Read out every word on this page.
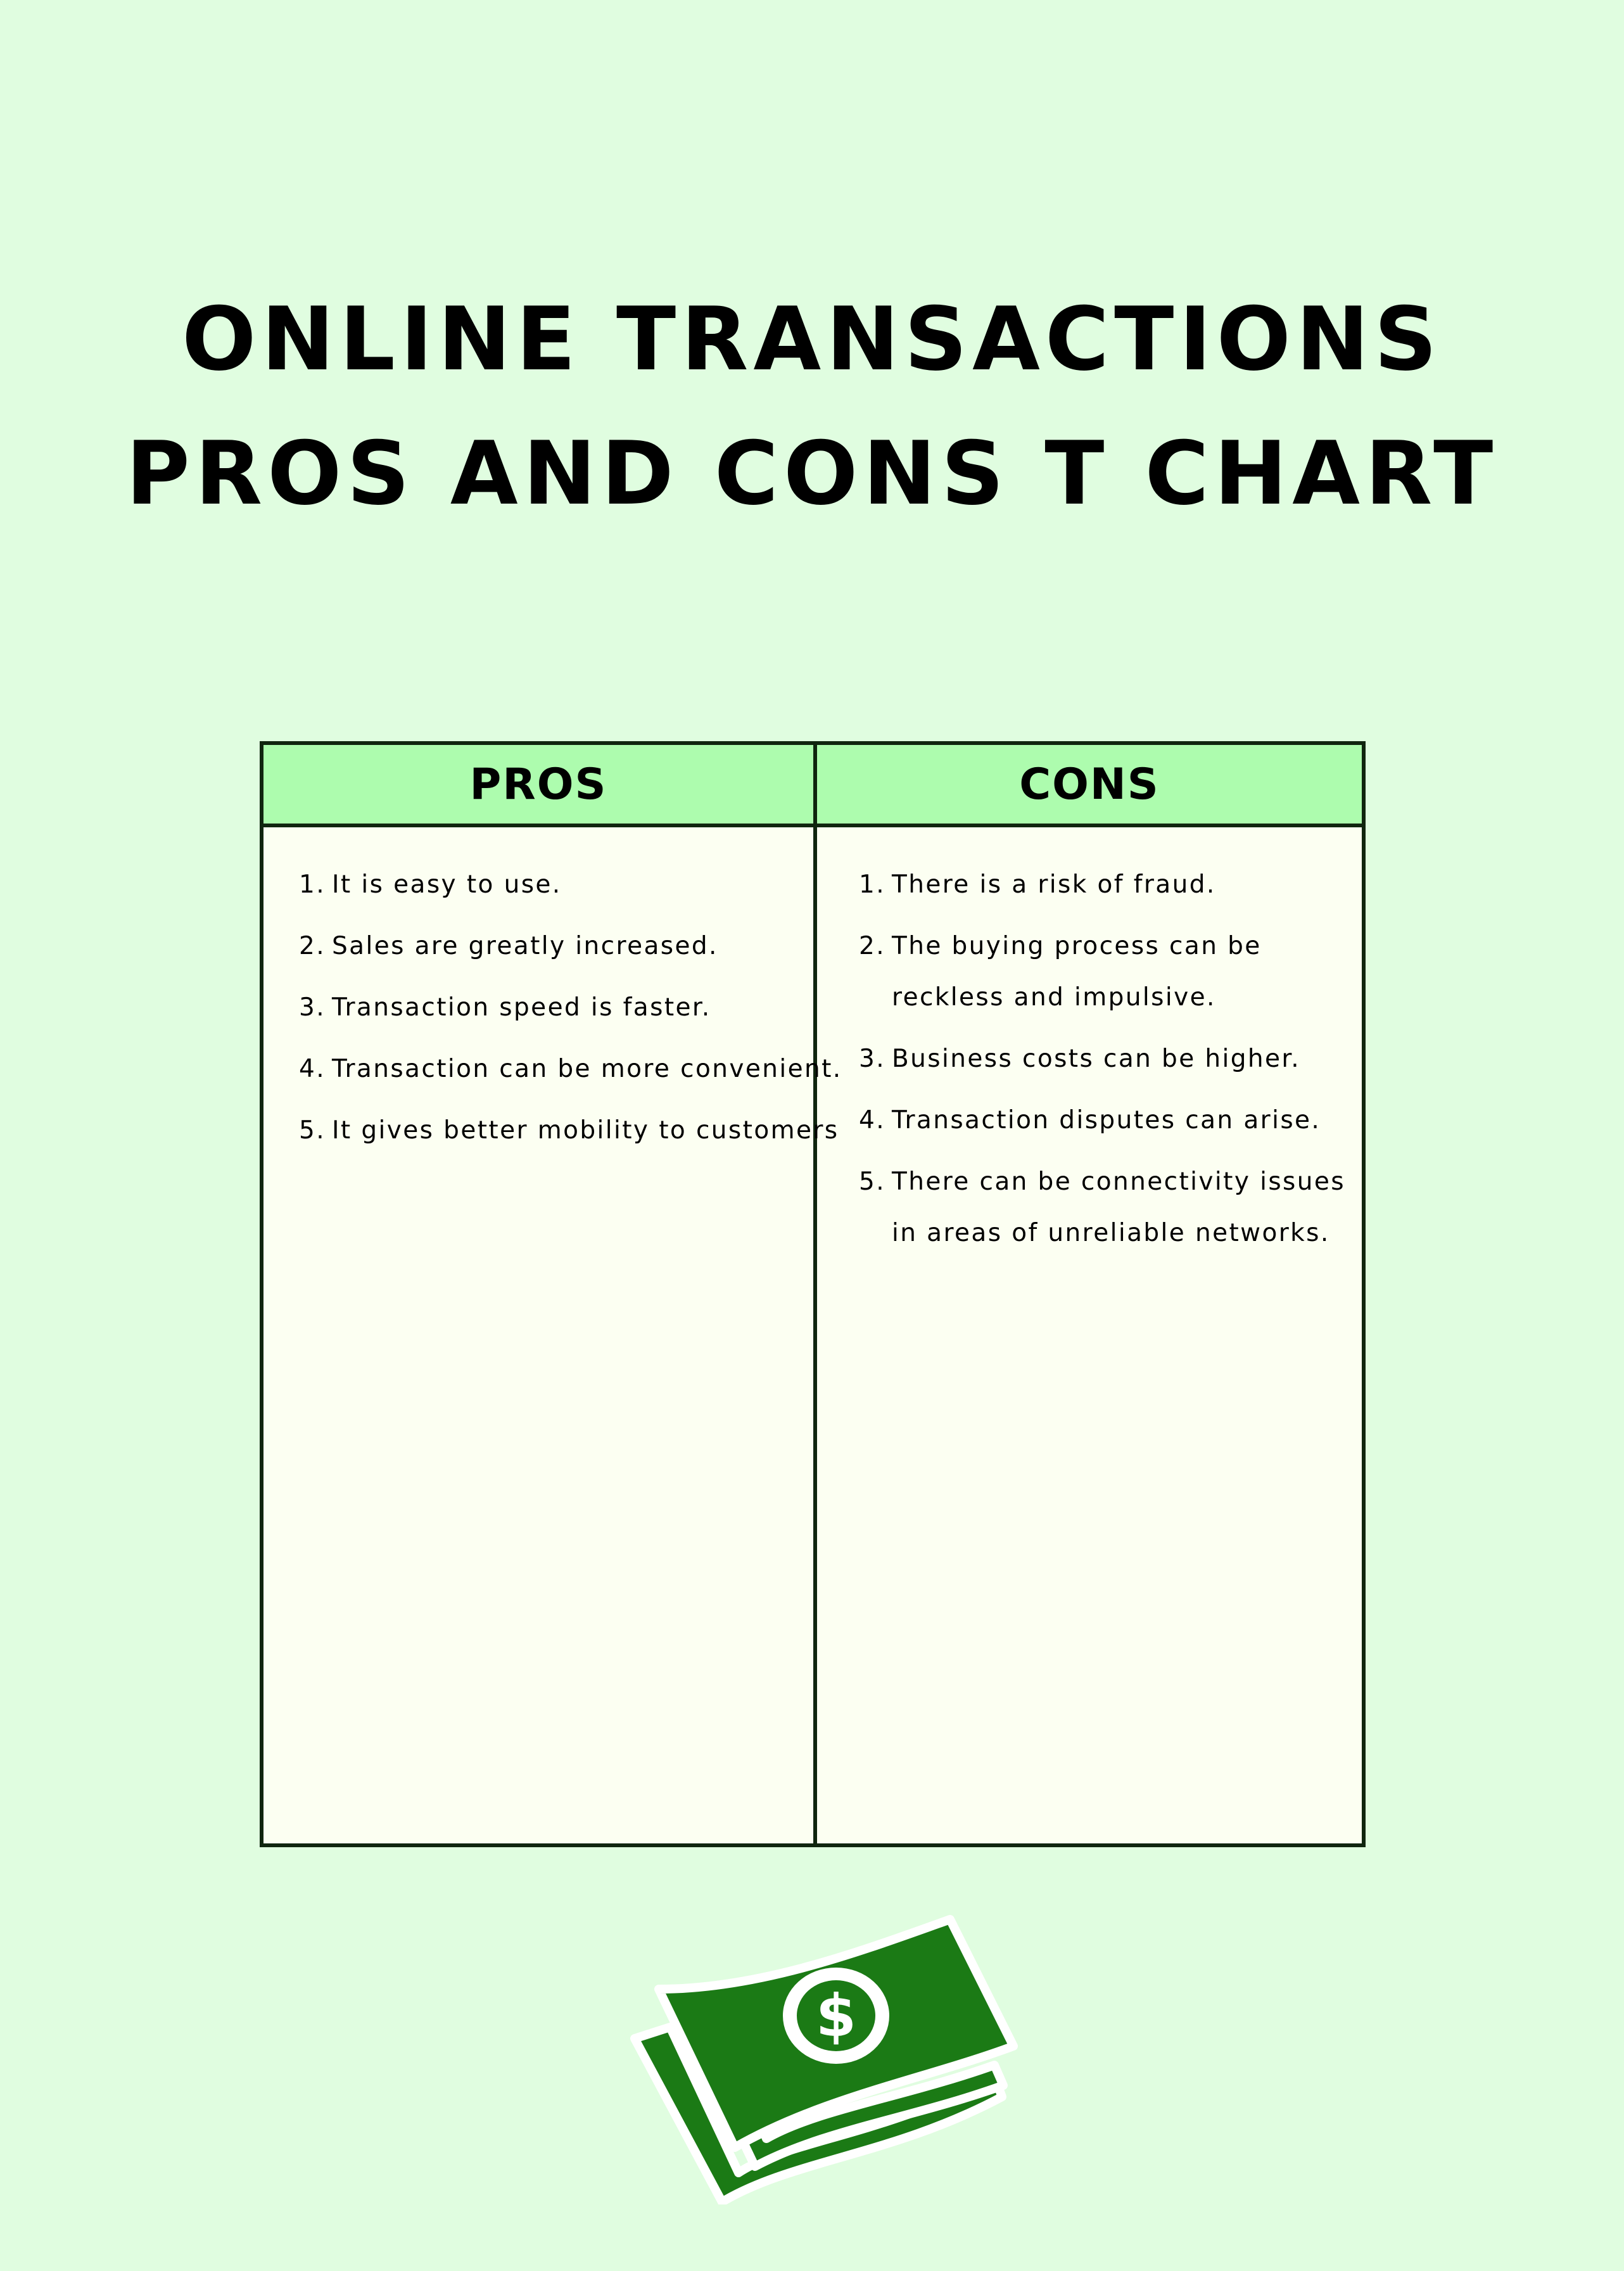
ONLINE TRANSACTIONS
PROS AND CONS T CHART
PROS	CONS
1. It is easy to use.
2. Sales are greatly increased.
3. Transaction speed is faster.
4. Transaction can be more convenient.
5. It gives better mobility to customers
1. There is a risk of fraud.
2. The buying process can be reckless and impulsive.
3. Business costs can be higher.
4. Transaction disputes can arise.
5. There can be connectivity issues in areas of unreliable networks.
$
